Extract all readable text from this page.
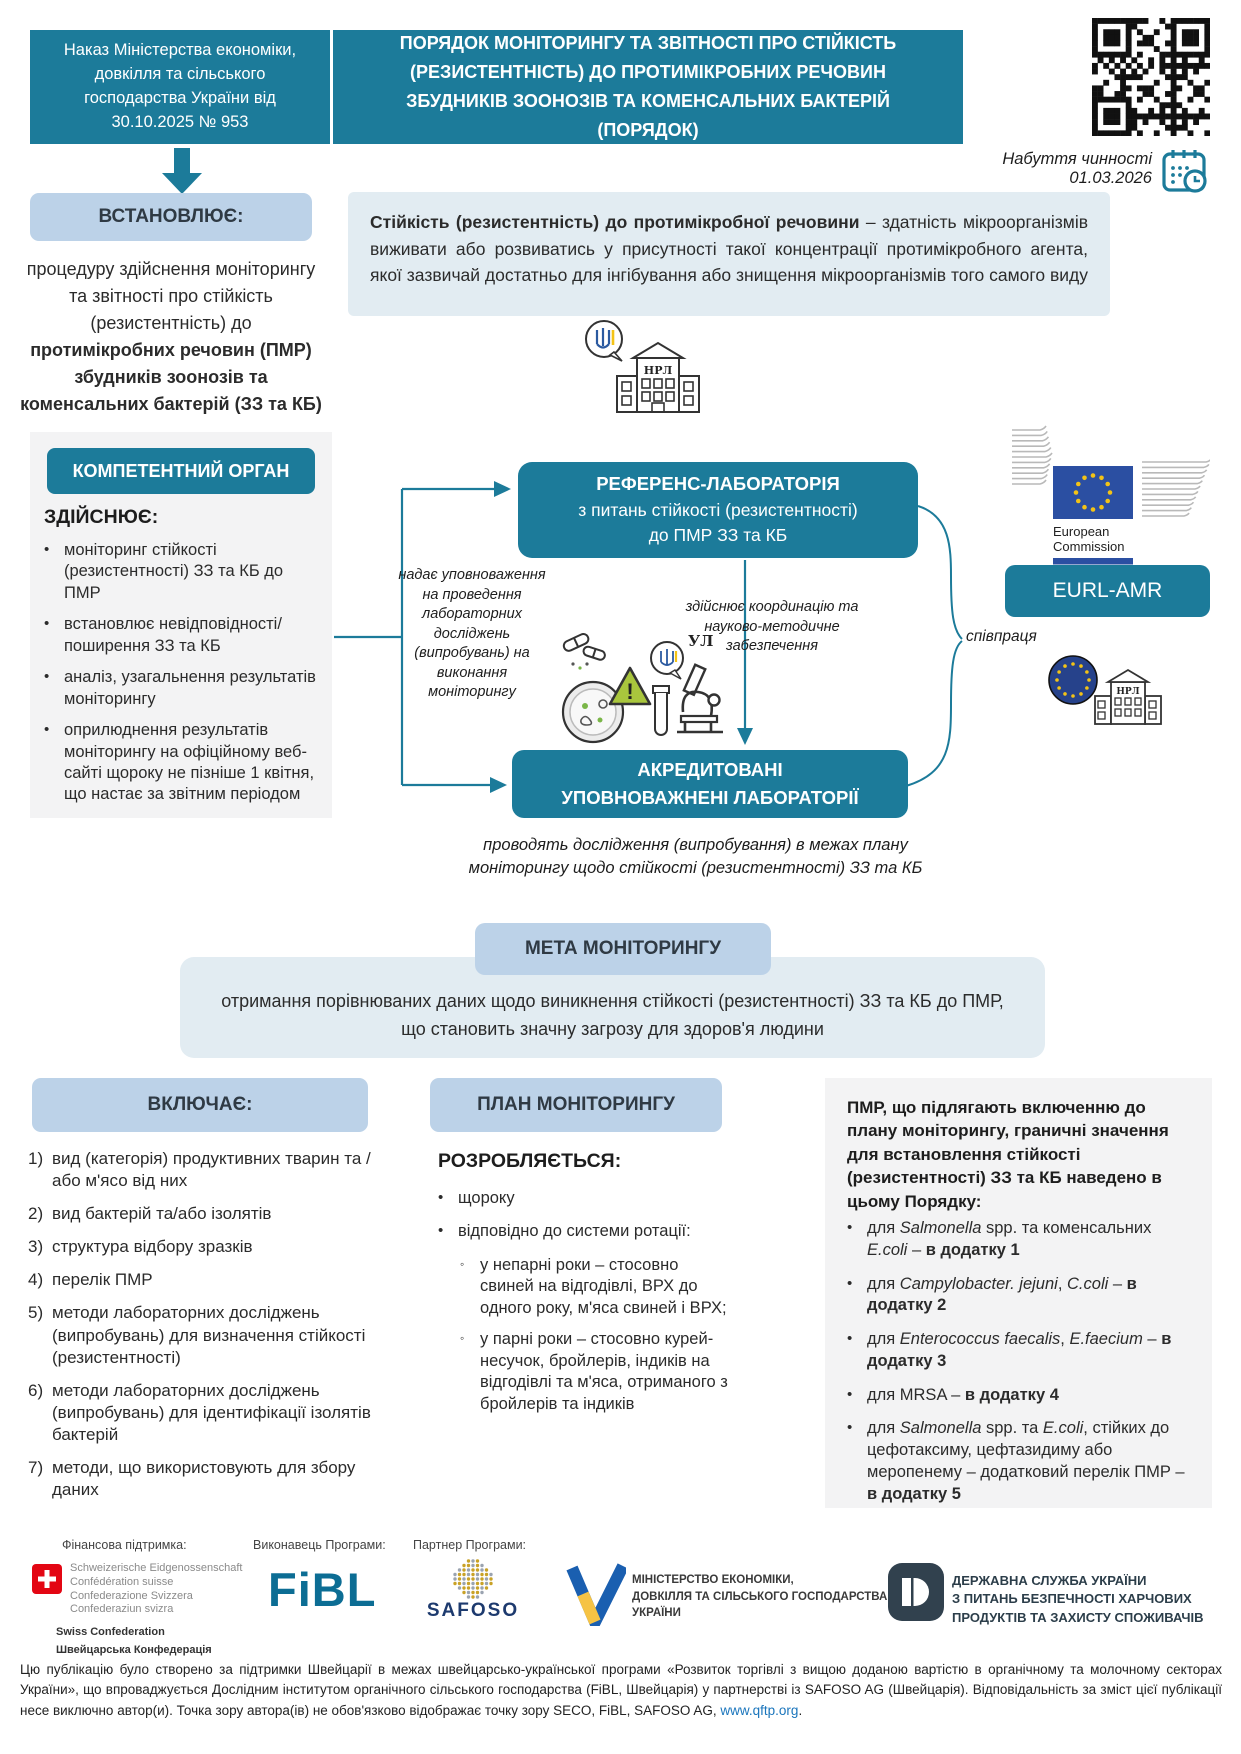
Наказ Міністерства економіки, довкілля та сільського господарства України від 30.10.2025 № 953
ПОРЯДОК МОНІТОРИНГУ ТА ЗВІТНОСТІ ПРО СТІЙКІСТЬ (РЕЗИСТЕНТНІСТЬ) ДО ПРОТИМІКРОБНИХ РЕЧОВИН ЗБУДНИКІВ ЗООНОЗІВ ТА КОМЕНСАЛЬНИХ БАКТЕРІЙ (ПОРЯДОК)
Набуття чинності
01.03.2026
ВСТАНОВЛЮЄ:
процедуру здійснення моніторингу та звітності про стійкість (резистентність) до протимікробних речовин (ПМР) збудників зоонозів та коменсальних бактерій (ЗЗ та КБ)
Стійкість (резистентність) до протимікробної речовини – здатність мікроорганізмів виживати або розвиватись у присутності такої концентрації протимікробного агента, якої зазвичай достатньо для інгібування або знищення мікроорганізмів того самого виду
КОМПЕТЕНТНИЙ ОРГАН
ЗДІЙСНЮЄ:
• моніторинг стійкості (резистентності) ЗЗ та КБ до ПМР
• встановлює невідповідності/ поширення ЗЗ та КБ
• аналіз, узагальнення результатів моніторингу
• оприлюднення результатів моніторингу на офіційному веб-сайті щороку не пізніше 1 квітня, що настає за звітним періодом
НРЛ
РЕФЕРЕНС-ЛАБОРАТОРІЯ
з питань стійкості (резистентності)
до ПМР ЗЗ та КБ
надає уповноваження на проведення лабораторних досліджень (випробувань) на виконання моніторингу
здійснює координацію та науково-методичне забезпечення
співпраця
!
УЛ
АКРЕДИТОВАНІ
УПОВНОВАЖНЕНІ ЛАБОРАТОРІЇ
проводять дослідження (випробування) в межах плану моніторингу щодо стійкості (резистентності) ЗЗ та КБ
European
Commission
EURL-AMR
НРЛ
отримання порівнюваних даних щодо виникнення стійкості (резистентності) ЗЗ та КБ до ПМР, що становить значну загрозу для здоров'я людини
МЕТА МОНІТОРИНГУ
ВКЛЮЧАЄ:
1) вид (категорія) продуктивних тварин та / або м'ясо від них
2) вид бактерій та/або ізолятів
3) структура відбору зразків
4) перелік ПМР
5) методи лабораторних досліджень (випробувань) для визначення стійкості (резистентності)
6) методи лабораторних досліджень (випробувань) для ідентифікації ізолятів бактерій
7) методи, що використовують для збору даних
ПЛАН МОНІТОРИНГУ
РОЗРОБЛЯЄТЬСЯ:
• щороку
• відповідно до системи ротації:
◦ у непарні роки – стосовно свиней на відгодівлі, ВРХ до одного року, м'яса свиней і ВРХ;
◦ у парні роки – стосовно курей-несучок, бройлерів, індиків на відгодівлі та м'яса, отриманого з бройлерів та індиків
ПМР, що підлягають включенню до плану моніторингу, граничні значення для встановлення стійкості (резистентності) ЗЗ та КБ наведено в цьому Порядку:
• для Salmonella spp. та коменсальних E.coli – в додатку 1
• для Campylobacter. jejuni, C.coli – в додатку 2
• для Enterococcus faecalis, E.faecium – в додатку 3
• для MRSA – в додатку 4
• для Salmonella spp. та E.coli, стійких до цефотаксиму, цефтазидиму або меропенему – додатковий перелік ПМР – в додатку 5
Фінансова підтримка:	Виконавець Програми: Партнер Програми:
Schweizerische Eidgenossenschaft
Confédération suisse
Confederazione Svizzera
Confederaziun svizra
Swiss Confederation
Швейцарська Конфедерація
FiBL	SAFOSO
МІНІСТЕРСТВО ЕКОНОМІКИ,
ДОВКІЛЛЯ ТА СІЛЬСЬКОГО ГОСПОДАРСТВА
УКРАЇНИ
ДЕРЖАВНА СЛУЖБА УКРАЇНИ
З ПИТАНЬ БЕЗПЕЧНОСТІ ХАРЧОВИХ
ПРОДУКТІВ ТА ЗАХИСТУ СПОЖИВАЧІВ
Цю публікацію було створено за підтримки Швейцарії в межах швейцарсько-української програми «Розвиток торгівлі з вищою доданою вартістю в органічному та молочному секторах України», що впроваджується Дослідним інститутом органічного сільського господарства (FiBL, Швейцарія) у партнерстві із SAFOSO AG (Швейцарія). Відповідальність за зміст цієї публікації несе виключно автор(и). Точка зору автора(ів) не обов'язково відображає точку зору SECO, FiBL, SAFOSO AG, www.qftp.org.
